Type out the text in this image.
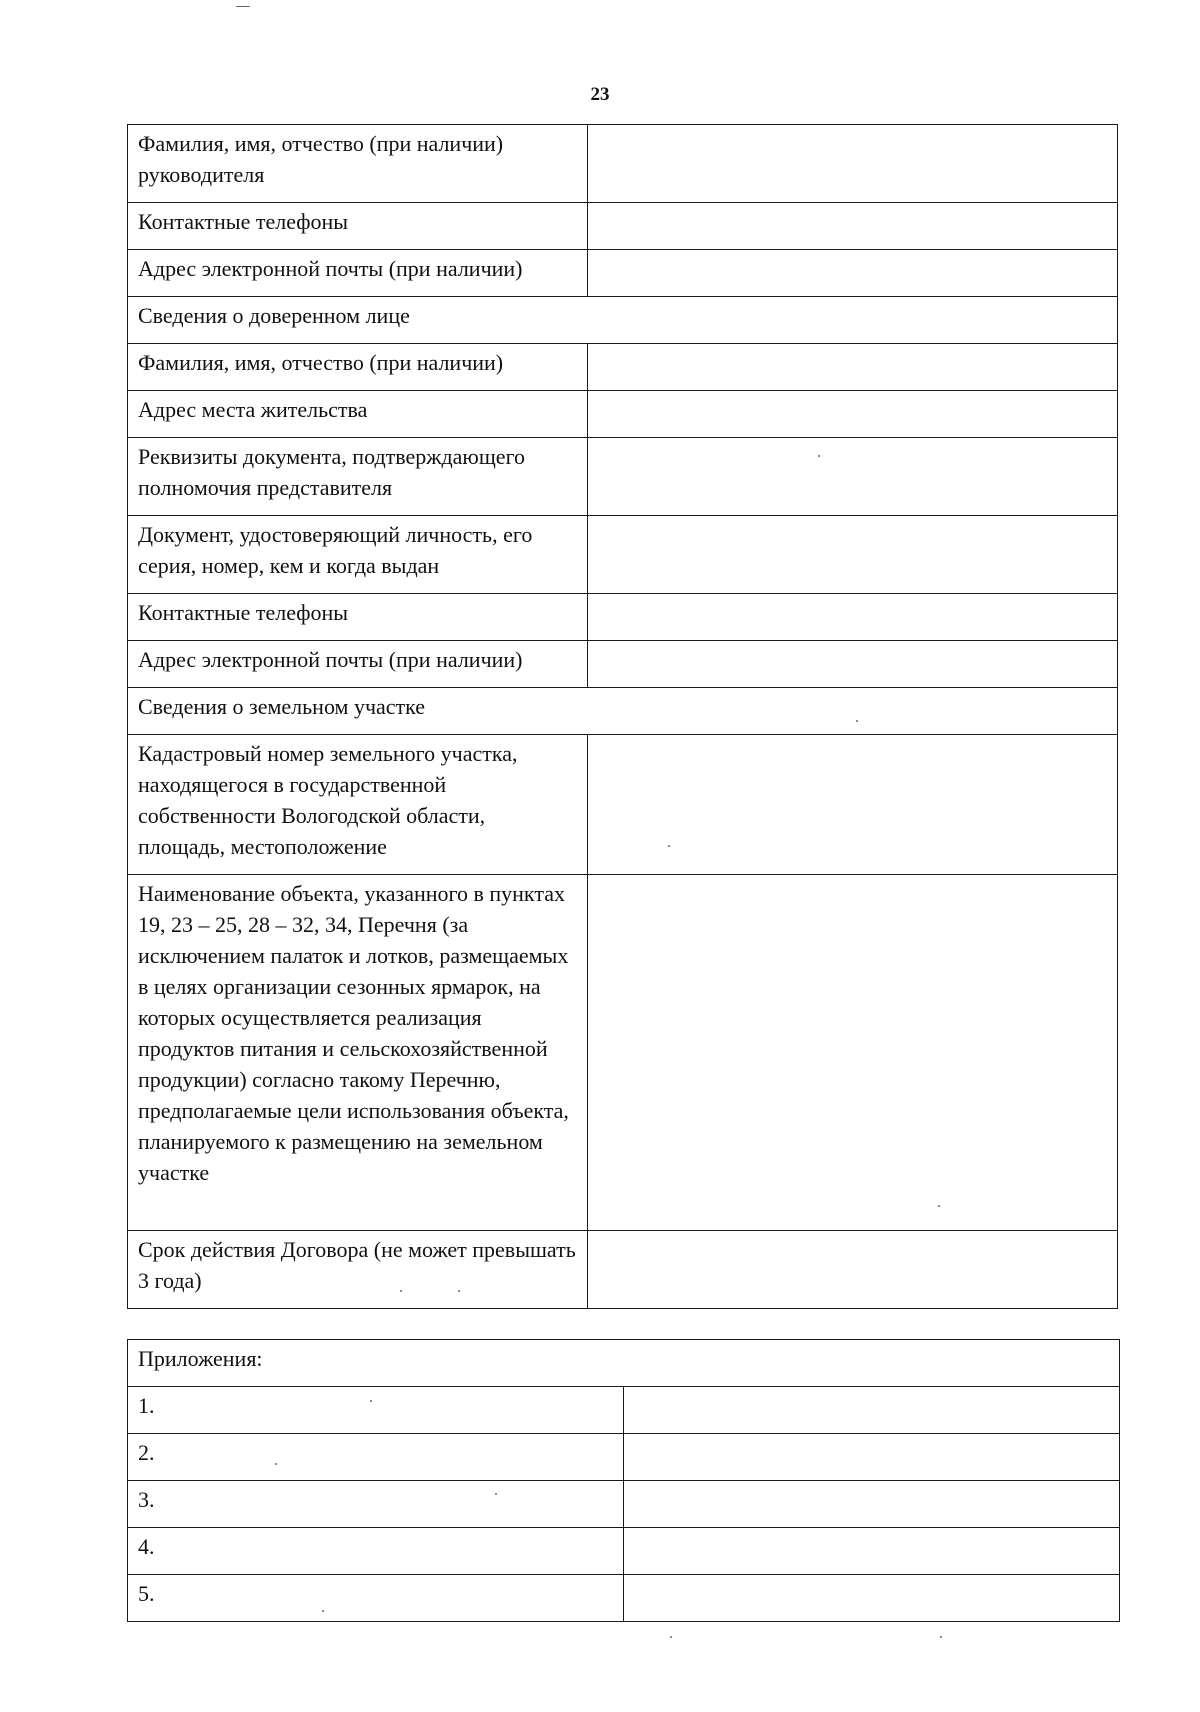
23
Фамилия, имя, отчество (при наличии) руководителя	
Контактные телефоны	
Адрес электронной почты (при наличии)	
Сведения о доверенном лице	
Фамилия, имя, отчество (при наличии)	
Адрес места жительства	
Реквизиты документа, подтверждающего полномочия представителя	
Документ, удостоверяющий личность, его серия, номер, кем и когда выдан	
Контактные телефоны	
Адрес электронной почты (при наличии)	
Сведения о земельном участке	
Кадастровый номер земельного участка, находящегося в государственной собственности Вологодской области, площадь, местоположение	
Наименование объекта, указанного в пунктах 19, 23 – 25, 28 – 32, 34, Перечня (за исключением палаток и лотков, размещаемых в целях организации сезонных ярмарок, на которых осуществляется реализация продуктов питания и сельскохозяйственной продукции) согласно такому Перечню, предполагаемые цели использования объекта, планируемого к размещению на земельном участке	
Срок действия Договора (не может превышать 3 года)	
Приложения:	
1.	
2.	
3.	
4.	
5.	
